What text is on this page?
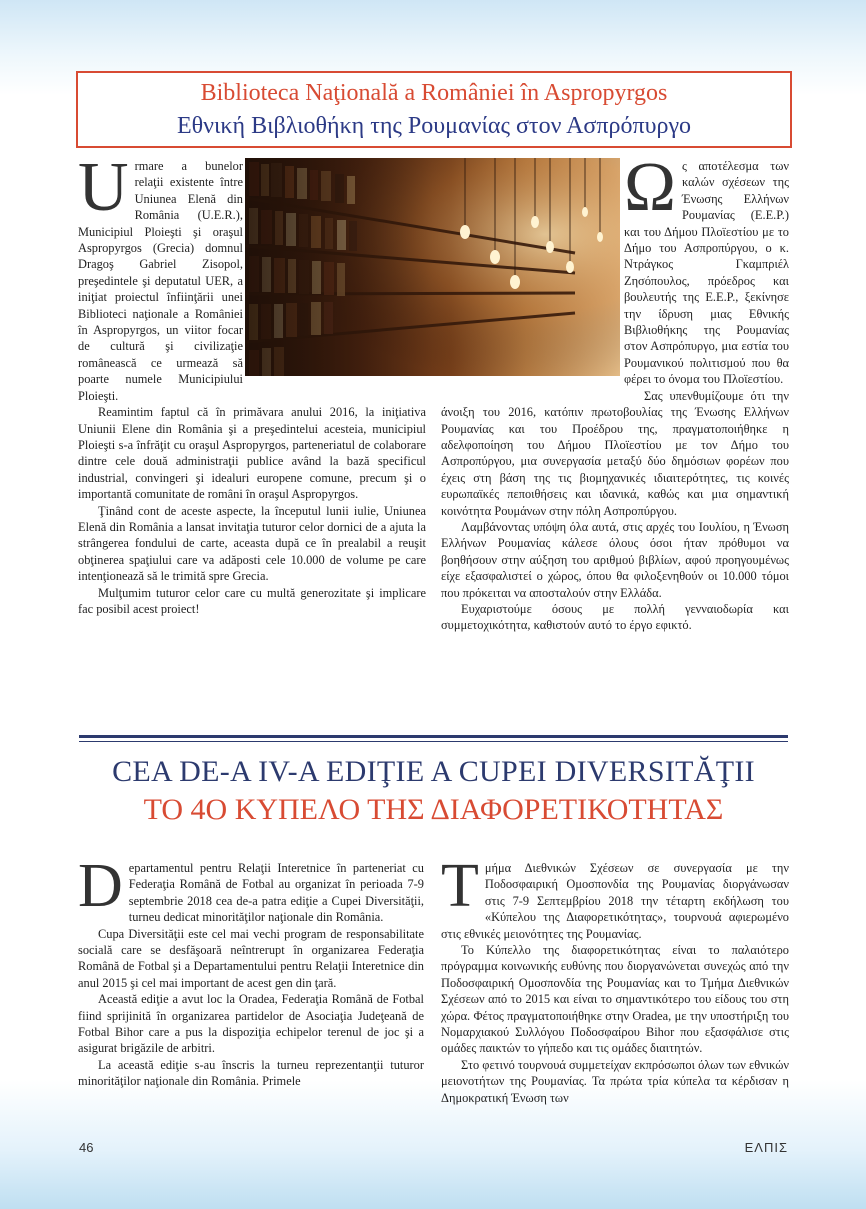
Biblioteca Naţională a României în Aspropyrgos
Εθνική Βιβλιοθήκη της Ρουμανίας στον Ασπρόπυργο
U rmare a bunelor relaţii existente între Uniunea Elenă din România (U.E.R.), Municipiul Ploieşti şi oraşul Aspropyrgos (Grecia) domnul Dragoş Gabriel Zisopol, preşedintele şi deputatul UER, a iniţiat proiectul înfiinţării unei Biblioteci naţionale a României în Aspropyrgos, un viitor focar de cultură şi civilizaţie românească ce urmează să poarte numele Municipiului Ploieşti.

Reamintim faptul că în primăvara anului 2016, la iniţiativa Uniunii Elene din România şi a preşedintelui acesteia, municipiul Ploieşti s-a înfrăţit cu oraşul Aspropyrgos, parteneriatul de colaborare dintre cele două administraţii publice având la bază specificul industrial, convingeri şi idealuri europene comune, precum şi o importantă comunitate de români în oraşul Aspropyrgos.

Ţinând cont de aceste aspecte, la începutul lunii iulie, Uniunea Elenă din România a lansat invitaţia tuturor celor dornici de a ajuta la strângerea fondului de carte, aceasta după ce în prealabil a reuşit obţinerea spaţiului care va adăposti cele 10.000 de volume pe care intenţionează să le trimită spre Grecia.

Mulţumim tuturor celor care cu multă generozitate şi implicare fac posibil acest proiect!

Ω ς αποτέλεσμα των καλών σχέσεων της Ένωσης Ελλήνων Ρουμανίας (Ε.Ε.Ρ.) και του Δήμου Πλοϊεστίου με το Δήμο του Ασπροπύργου, ο κ. Ντράγκος Γκαμπριέλ Ζησόπουλος, πρόεδρος και βουλευτής της Ε.Ε.Ρ., ξεκίνησε την ίδρυση μιας Εθνικής Βιβλιοθήκης της Ρουμανίας στον Ασπρόπυργο, μια εστία του Ρουμανικού πολιτισμού που θα φέρει το όνομα του Πλοϊεστίου.

Σας υπενθυμίζουμε ότι την άνοιξη του 2016, κατόπιν πρωτοβουλίας της Ένωσης Ελλήνων Ρουμανίας και του Προέδρου της, πραγματοποιήθηκε η αδελφοποίηση του Δήμου Πλοϊεστίου με τον Δήμο του Ασπροπύργου, μια συνεργασία μεταξύ δύο δημόσιων φορέων που έχεις στη βάση της τις βιομηχανικές ιδιαιτερότητες, τις κοινές ευρωπαϊκές πεποιθήσεις και ιδανικά, καθώς και μια σημαντική κοινότητα Ρουμάνων στην πόλη Ασπροπύργου.

Λαμβάνοντας υπόψη όλα αυτά, στις αρχές του Ιουλίου, η Ένωση Ελλήνων Ρουμανίας κάλεσε όλους όσοι ήταν πρόθυμοι να βοηθήσουν στην αύξηση του αριθμού βιβλίων, αφού προηγουμένως είχε εξασφαλιστεί ο χώρος, όπου θα φιλοξενηθούν οι 10.000 τόμοι που πρόκειται να αποσταλούν στην Ελλάδα.

Ευχαριστούμε όσους με πολλή γενναιοδωρία και συμμετοχικότητα, καθιστούν αυτό το έργο εφικτό.

CEA DE-A IV-A EDIŢIE A CUPEI DIVERSITĂŢII
ΤΟ 4Ο ΚΥΠΕΛΟ ΤΗΣ ΔΙΑΦΟΡΕΤΙΚΟΤΗΤΑΣ
D epartamentul pentru Relaţii Interetnice în parteneriat cu Federaţia Română de Fotbal au organizat în perioada 7-9 septembrie 2018 cea de-a patra ediţie a Cupei Diversităţii, turneu dedicat minorităţilor naţionale din România.

Cupa Diversităţii este cel mai vechi program de responsabilitate socială care se desfăşoară neîntrerupt în organizarea Federaţia Română de Fotbal şi a Departamentului pentru Relaţii Interetnice din anul 2015 şi cel mai important de acest gen din ţară.

Această ediţie a avut loc la Oradea, Federaţia Română de Fotbal fiind sprijinită în organizarea partidelor de Asociaţia Judeţeană de Fotbal Bihor care a pus la dispoziţia echipelor terenul de joc şi a asigurat brigăzile de arbitri.

La această ediţie s-au înscris la turneu reprezentanţii tuturor minorităţilor naţionale din România. Primele

T μήμα Διεθνικών Σχέσεων σε συνεργασία με την Ποδοσφαιρική Ομοσπονδία της Ρουμανίας διοργάνωσαν στις 7-9 Σεπτεμβρίου 2018 την τέταρτη εκδήλωση του «Κύπελου της Διαφορετικότητας», τουρνουά αφιερωμένο στις εθνικές μειονότητες της Ρουμανίας.

Το Κύπελλο της διαφορετικότητας είναι το παλαιότερο πρόγραμμα κοινωνικής ευθύνης που διοργανώνεται συνεχώς από την Ποδοσφαιρική Ομοσπονδία της Ρουμανίας και το Τμήμα Διεθνικών Σχέσεων από το 2015 και είναι το σημαντικότερο του είδους του στη χώρα. Φέτος πραγματοποιήθηκε στην Oradea, με την υποστήριξη του Νομαρχιακού Συλλόγου Ποδοσφαίρου Bihor που εξασφάλισε στις ομάδες παικτών το γήπεδο και τις ομάδες διαιτητών.

Στο φετινό τουρνουά συμμετείχαν εκπρόσωποι όλων των εθνικών μειονοτήτων της Ρουμανίας. Τα πρώτα τρία κύπελα τα κέρδισαν η Δημοκρατική Ένωση των

46	ΕΛΠΙΣ
